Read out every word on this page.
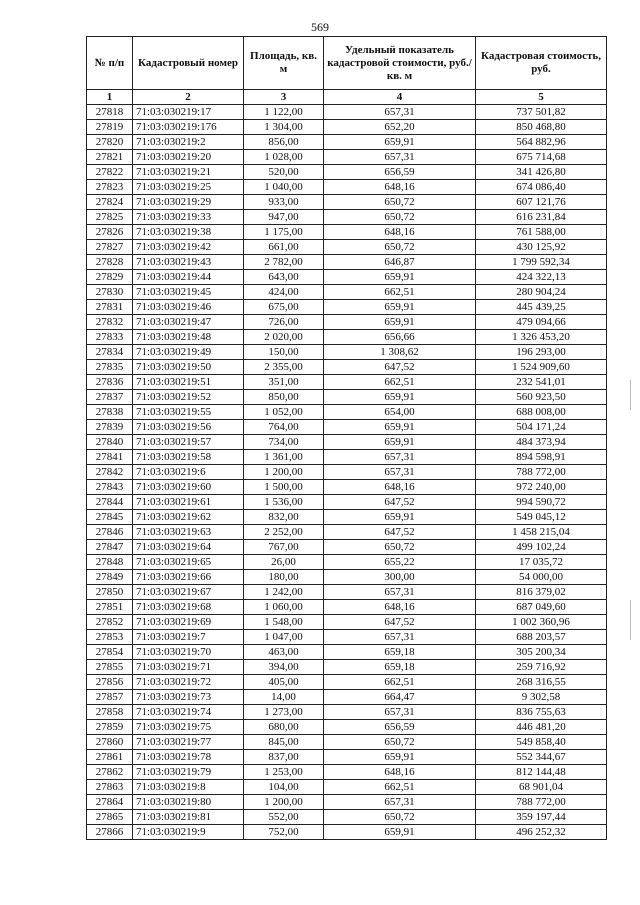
569
№ п/п	Кадастровый номер	Площадь, кв. м	Удельный показатель кадастровой стоимости, руб./кв. м	Кадастровая стоимость, руб.
1	2	3	4	5
27818	71:03:030219:17	1 122,00	657,31	737 501,82
27819	71:03:030219:176	1 304,00	652,20	850 468,80
27820	71:03:030219:2	856,00	659,91	564 882,96
27821	71:03:030219:20	1 028,00	657,31	675 714,68
27822	71:03:030219:21	520,00	656,59	341 426,80
27823	71:03:030219:25	1 040,00	648,16	674 086,40
27824	71:03:030219:29	933,00	650,72	607 121,76
27825	71:03:030219:33	947,00	650,72	616 231,84
27826	71:03:030219:38	1 175,00	648,16	761 588,00
27827	71:03:030219:42	661,00	650,72	430 125,92
27828	71:03:030219:43	2 782,00	646,87	1 799 592,34
27829	71:03:030219:44	643,00	659,91	424 322,13
27830	71:03:030219:45	424,00	662,51	280 904,24
27831	71:03:030219:46	675,00	659,91	445 439,25
27832	71:03:030219:47	726,00	659,91	479 094,66
27833	71:03:030219:48	2 020,00	656,66	1 326 453,20
27834	71:03:030219:49	150,00	1 308,62	196 293,00
27835	71:03:030219:50	2 355,00	647,52	1 524 909,60
27836	71:03:030219:51	351,00	662,51	232 541,01
27837	71:03:030219:52	850,00	659,91	560 923,50
27838	71:03:030219:55	1 052,00	654,00	688 008,00
27839	71:03:030219:56	764,00	659,91	504 171,24
27840	71:03:030219:57	734,00	659,91	484 373,94
27841	71:03:030219:58	1 361,00	657,31	894 598,91
27842	71:03:030219:6	1 200,00	657,31	788 772,00
27843	71:03:030219:60	1 500,00	648,16	972 240,00
27844	71:03:030219:61	1 536,00	647,52	994 590,72
27845	71:03:030219:62	832,00	659,91	549 045,12
27846	71:03:030219:63	2 252,00	647,52	1 458 215,04
27847	71:03:030219:64	767,00	650,72	499 102,24
27848	71:03:030219:65	26,00	655,22	17 035,72
27849	71:03:030219:66	180,00	300,00	54 000,00
27850	71:03:030219:67	1 242,00	657,31	816 379,02
27851	71:03:030219:68	1 060,00	648,16	687 049,60
27852	71:03:030219:69	1 548,00	647,52	1 002 360,96
27853	71:03:030219:7	1 047,00	657,31	688 203,57
27854	71:03:030219:70	463,00	659,18	305 200,34
27855	71:03:030219:71	394,00	659,18	259 716,92
27856	71:03:030219:72	405,00	662,51	268 316,55
27857	71:03:030219:73	14,00	664,47	9 302,58
27858	71:03:030219:74	1 273,00	657,31	836 755,63
27859	71:03:030219:75	680,00	656,59	446 481,20
27860	71:03:030219:77	845,00	650,72	549 858,40
27861	71:03:030219:78	837,00	659,91	552 344,67
27862	71:03:030219:79	1 253,00	648,16	812 144,48
27863	71:03:030219:8	104,00	662,51	68 901,04
27864	71:03:030219:80	1 200,00	657,31	788 772,00
27865	71:03:030219:81	552,00	650,72	359 197,44
27866	71:03:030219:9	752,00	659,91	496 252,32
